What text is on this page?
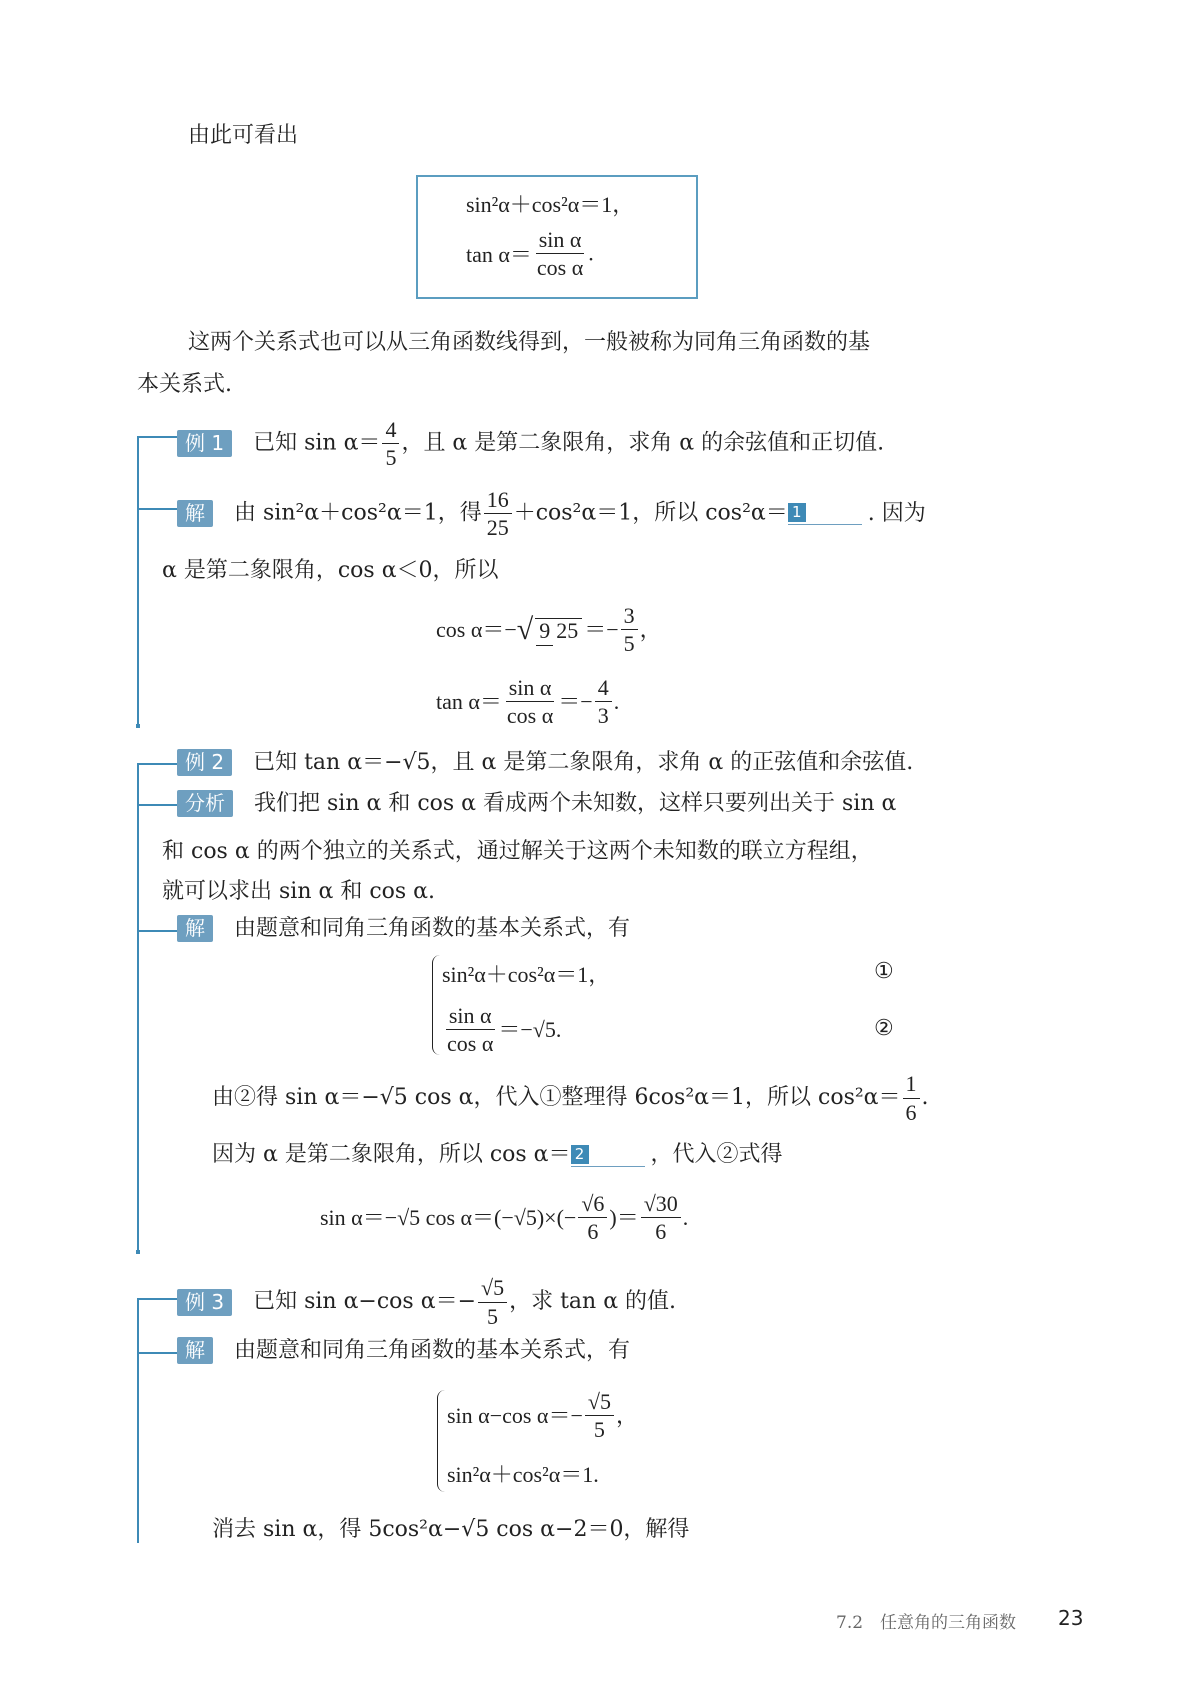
由此可看出
sin²α＋cos²α＝1，
$\tan \alpha= \frac{\text{sin α}}{\text{cos α}}$ .
这两个关系式也可以从三角函数线得到，一般被称为同角三角函数的基
本关系式.
例 1 已知 $\sin \alpha= \frac{4}{5}$ ，且 α 是第二象限角，求角 α 的余弦值和正切值.
解 由 sin²α＋cos²α＝1，得 $\frac{16}{25} +\cos^2\alpha=1$，所以 cos²α＝ 1	. 因为
α 是第二象限角，cos α＜0，所以
cos α＝−√ 9 $25 =- \frac{3}{5}$ ，
$\tan \alpha= \frac{\text{sin α}}{\text{cos α}} =- \frac{4}{3}$ .
例 2 已知 tan α＝−√5，且 α 是第二象限角，求角 α 的正弦值和余弦值.
分析 我们把 sin α 和 cos α 看成两个未知数，这样只要列出关于 sin α
和 cos α 的两个独立的关系式，通过解关于这两个未知数的联立方程组，
就可以求出 sin α 和 cos α.
解 由题意和同角三角函数的基本关系式，有
sin²α＋cos²α＝1，	①
$\frac{\text{sin α}}{\text{cos α}} =-√5$.	②
由②得 sin α＝−√5 cos α，代入①整理得 6cos²α＝1，所以 $\cos^2\alpha= \frac{1}{6}$ .
因为 α 是第二象限角，所以 cos α＝ 2	，代入②式得
sin α＝−√5 $\cos \alpha=(-√5)\times(- \frac{√6}{6}$ )＝ $\frac{√30}{6}$ .
例 3 已知 sin α−cos $\alpha=- \frac{√5}{5}$ ，求 tan α 的值.
解 由题意和同角三角函数的基本关系式，有
sin α−cos $\alpha=- \frac{√5}{5}$ ，
sin²α＋cos²α＝1.
消去 sin α，得 5cos²α−√5 cos α−2＝0，解得
7.2　任意角的三角函数 23
